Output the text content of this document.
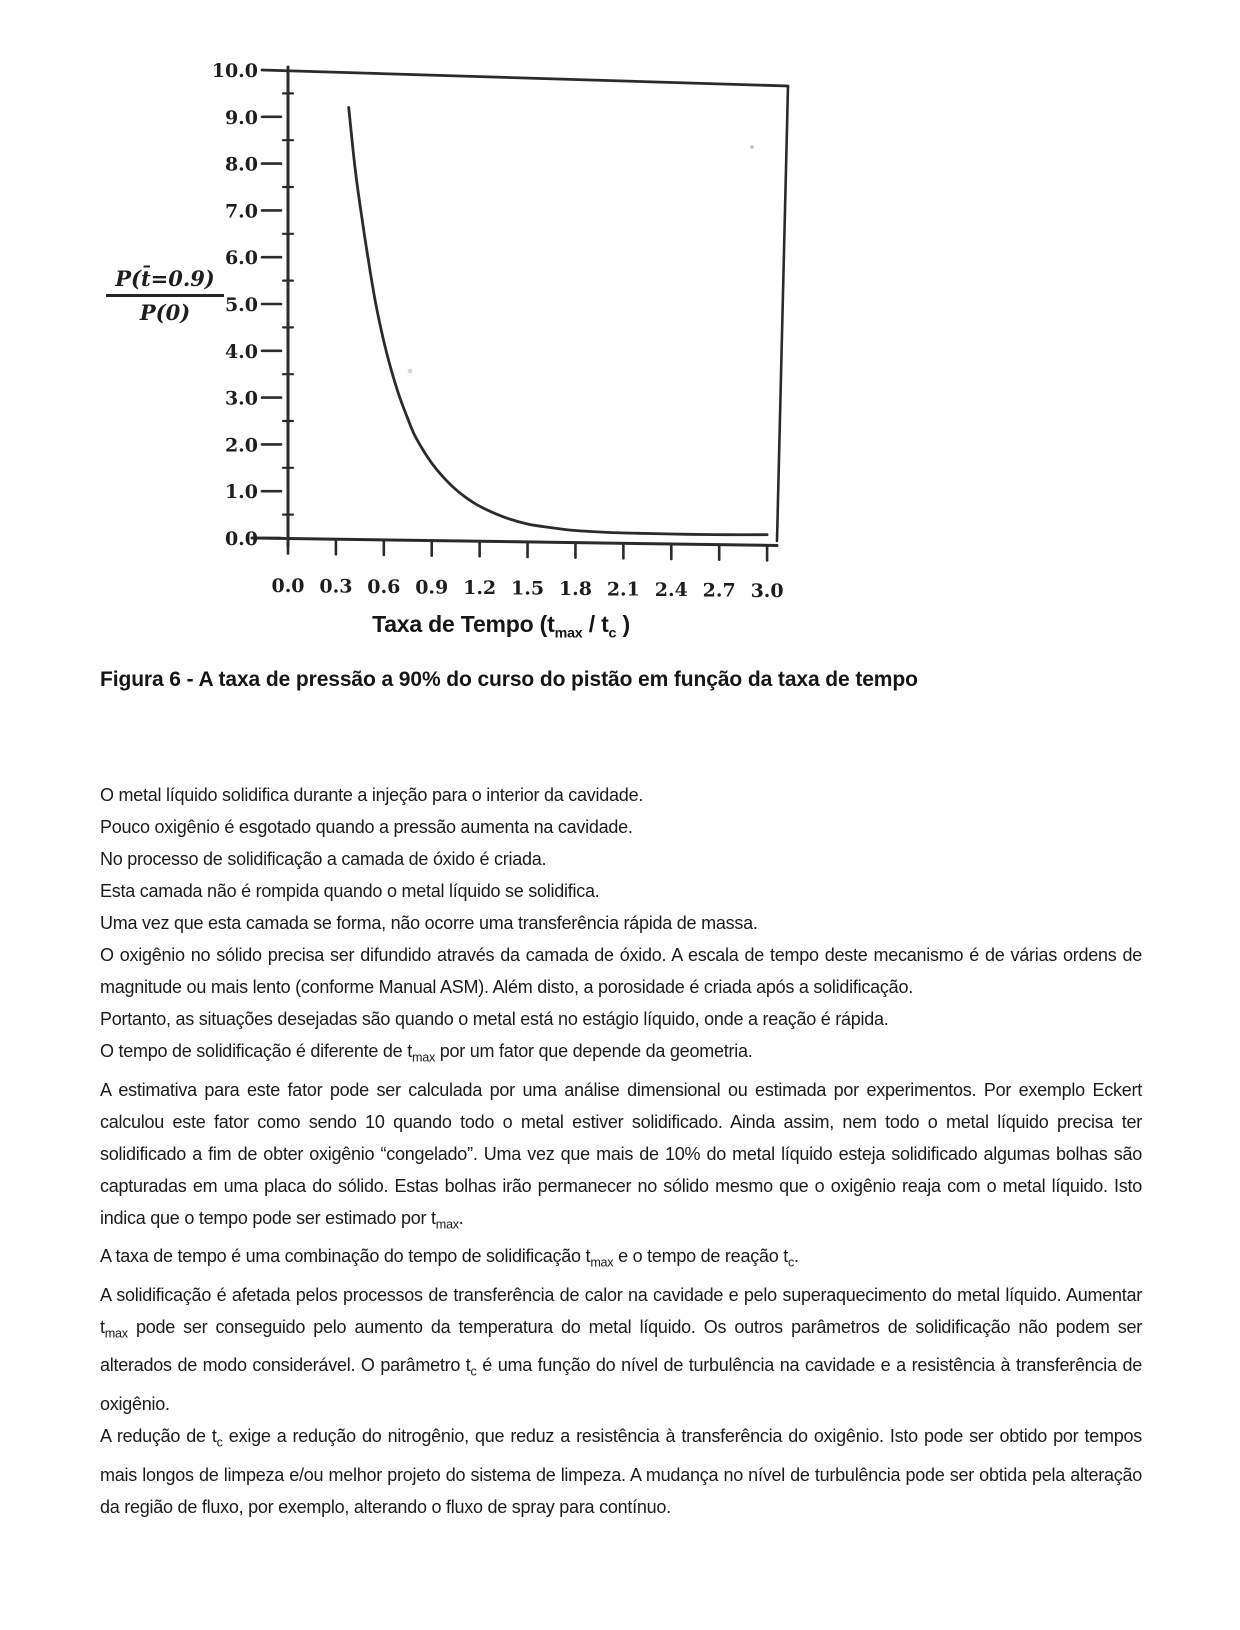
0.0
1.0
2.0
3.0
4.0
5.0
6.0
7.0
8.0
9.0
10.0
0.0 0.3 0.6 0.9 1.2 1.5 1.8 2.1 2.4 2.7 3.0
P(t̄=0.9)
P(0)
Taxa de Tempo ($t_{max} / t_c$ )
Figura 6 - A taxa de pressão a 90% do curso do pistão em função da taxa de tempo

O metal líquido solidifica durante a injeção para o interior da cavidade.

Pouco oxigênio é esgotado quando a pressão aumenta na cavidade.

No processo de solidificação a camada de óxido é criada.

Esta camada não é rompida quando o metal líquido se solidifica.

Uma vez que esta camada se forma, não ocorre uma transferência rápida de massa.

O oxigênio no sólido precisa ser difundido através da camada de óxido. A escala de tempo deste mecanismo é de várias ordens de magnitude ou mais lento (conforme Manual ASM). Além disto, a porosidade é criada após a solidificação.

Portanto, as situações desejadas são quando o metal está no estágio líquido, onde a reação é rápida.

O tempo de solidificação é diferente de $t_{max}$ por um fator que depende da geometria.

A estimativa para este fator pode ser calculada por uma análise dimensional ou estimada por experimentos. Por exemplo Eckert calculou este fator como sendo 10 quando todo o metal estiver solidificado. Ainda assim, nem todo o metal líquido precisa ter solidificado a fim de obter oxigênio “congelado”. Uma vez que mais de 10% do metal líquido esteja solidificado algumas bolhas são capturadas em uma placa do sólido. Estas bolhas irão permanecer no sólido mesmo que o oxigênio reaja com o metal líquido. Isto indica que o tempo pode ser estimado por $t_{max}$.

A taxa de tempo é uma combinação do tempo de solidificação $t_{max}$ e o tempo de reação $t_c$.

A solidificação é afetada pelos processos de transferência de calor na cavidade e pelo superaquecimento do metal líquido. Aumentar $t_{max}$ pode ser conseguido pelo aumento da temperatura do metal líquido. Os outros parâmetros de solidificação não podem ser alterados de modo considerável. O parâmetro $t_c$ é uma função do nível de turbulência na cavidade e a resistência à transferência de oxigênio.

A redução de $t_c$ exige a redução do nitrogênio, que reduz a resistência à transferência do oxigênio. Isto pode ser obtido por tempos mais longos de limpeza e/ou melhor projeto do sistema de limpeza. A mudança no nível de turbulência pode ser obtida pela alteração da região de fluxo, por exemplo, alterando o fluxo de spray para contínuo.
